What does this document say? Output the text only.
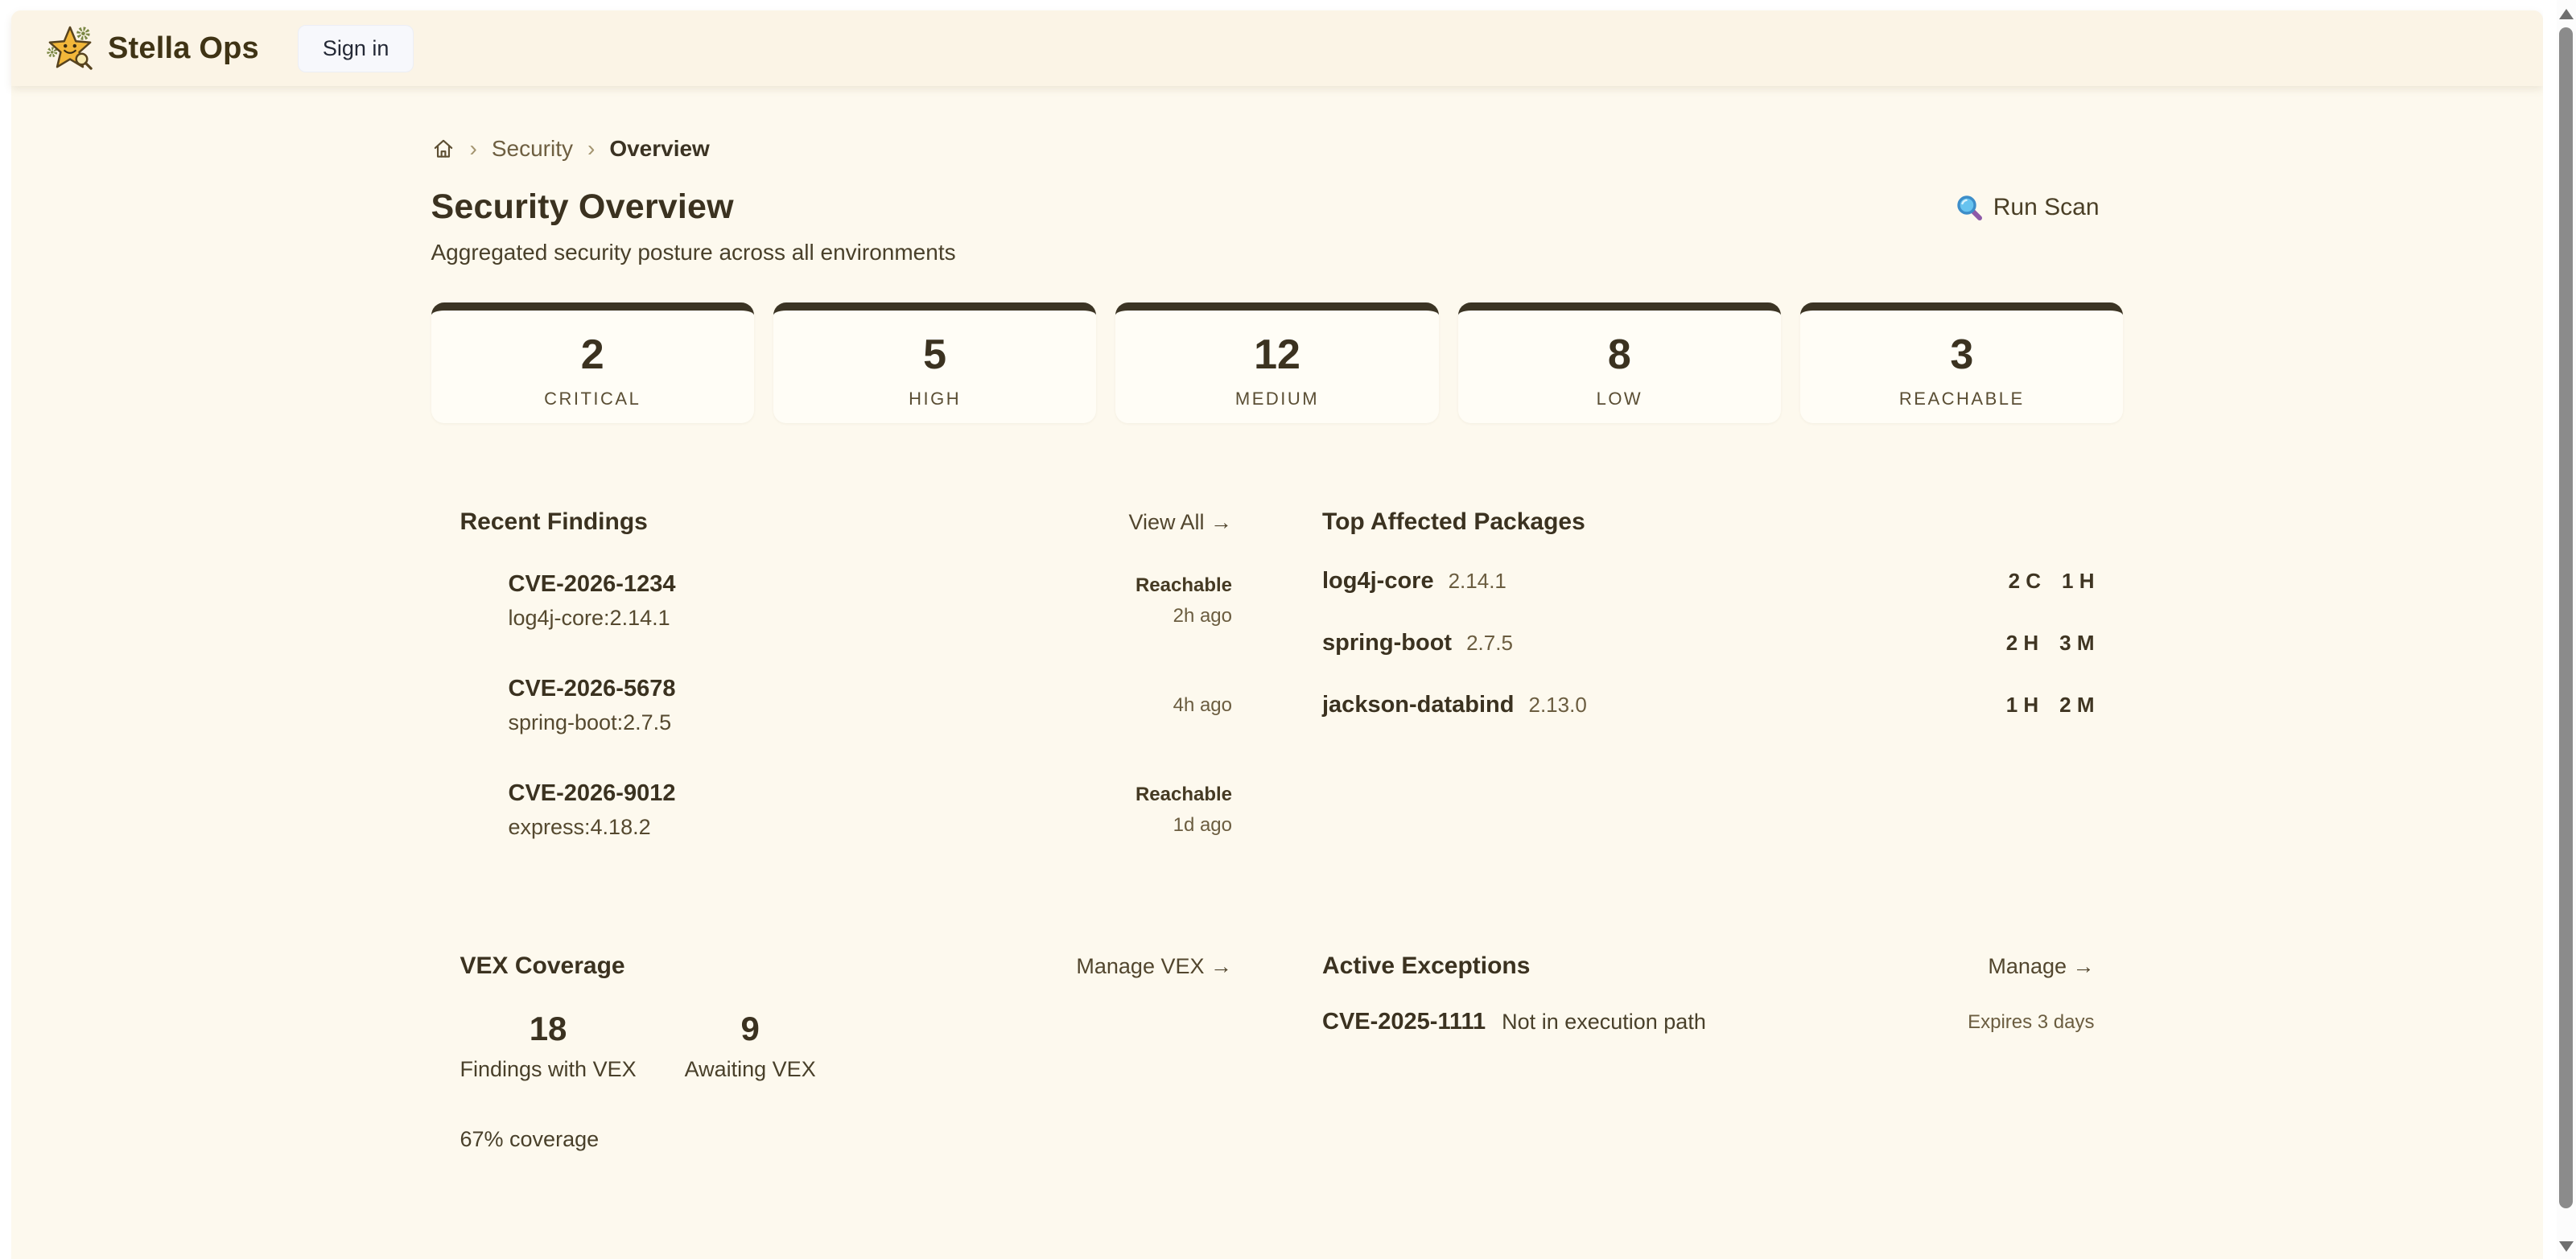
Stella Ops	Sign in
› Security › Overview
Security Overview	Run Scan

Aggregated security posture across all environments

2
CRITICAL
5
HIGH
12
MEDIUM
8
LOW
3
REACHABLE
Recent Findings	View All →
CVE-2026-1234
log4j-core:2.14.1
Reachable
2h ago
CVE-2026-5678
spring-boot:2.7.5
4h ago
CVE-2026-9012
express:4.18.2
Reachable
1d ago
Top Affected Packages
log4j-core 2.14.1	2 C 1 H
spring-boot 2.7.5	2 H 3 M
jackson-databind 2.13.0	1 H 2 M
VEX Coverage	Manage VEX →
18
Findings with VEX
9
Awaiting VEX

67% coverage

Active Exceptions	Manage →
CVE-2025-1111 Not in execution path	Expires 3 days
